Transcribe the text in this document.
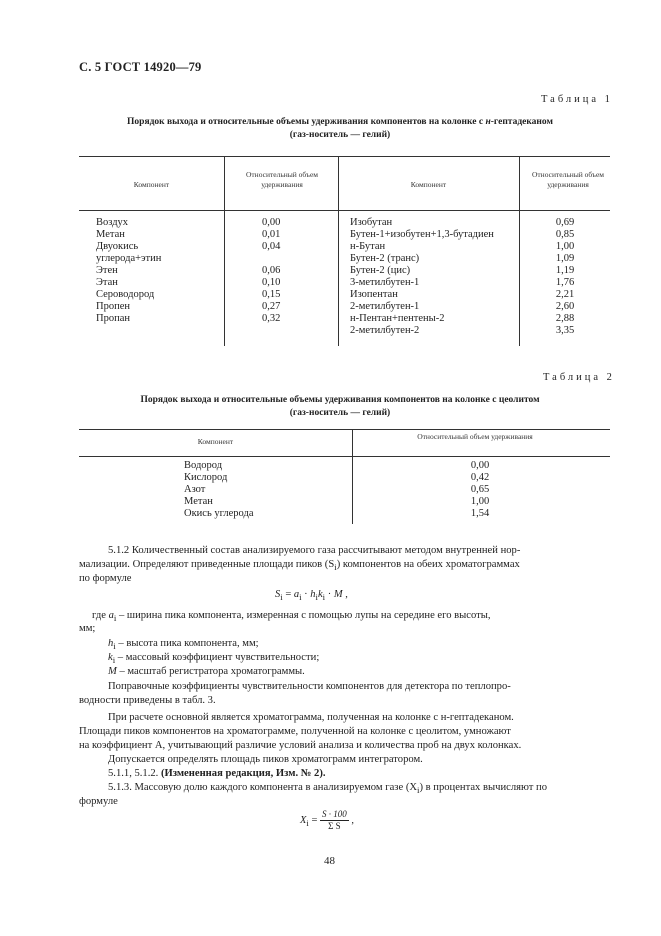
С. 5 ГОСТ 14920—79
Таблица 1
Порядок выхода и относительные объемы удерживания компонентов на колонке с н-гептадеканом
(газ-носитель — гелий)
Компонент
Относительный объем удерживания	Компонент
Относительный объем удерживания
Воздух
Метан
Двуокись
углерода+этин
Этен
Этан
Сероводород
Пропен
Пропан
0,00
0,01
0,04
0,06
0,10
0,15
0,27
0,32
Изобутан
Бутен-1+изобутен+1,3-бутадиен
н-Бутан
Бутен-2 (транс)
Бутен-2 (цис)
3-метилбутен-1
Изопентан
2-метилбутен-1
н-Пентан+пентены-2
2-метилбутен-2
0,69
0,85
1,00
1,09
1,19
1,76
2,21
2,60
2,88
3,35
Таблица 2
Порядок выхода и относительные объемы удерживания компонентов на колонке с цеолитом
(газ-носитель — гелий)
Компонент
Относительный объем удерживания
Водород
Кислород
Азот
Метан
Окись углерода
0,00
0,42
0,65
1,00
1,54
5.1.2 Количественный состав анализируемого газа рассчитывают методом внутренней нор-
мализации. Определяют приведенные площади пиков $(S_i)$ компонентов на обеих хроматограммах
по формуле
$S_i = a_i \cdot h_ik_i \cdot M$ ,
где $a_i$ – ширина пика компонента, измеренная с помощью лупы на середине его высоты,
мм;
$h_i$ – высота пика компонента, мм;
$k_i$ – массовый коэффициент чувствительности;
M – масштаб регистратора хроматограммы.
Поправочные коэффициенты чувствительности компонентов для детектора по теплопро-
водности приведены в табл. 3.
При расчете основной является хроматограмма, полученная на колонке с н-гептадеканом.
Площади пиков компонентов на хроматограмме, полученной на колонке с цеолитом, умножают
на коэффициент А, учитывающий различие условий анализа и количества проб на двух колонках.
Допускается определять площадь пиков хроматограмм интегратором.
5.1.1, 5.1.2. (Измененная редакция, Изм. № 2).
5.1.3. Массовую долю каждого компонента в анализируемом газе $(X_i)$ в процентах вычисляют по
формуле
$X_i = \frac{S \cdot 100}{\text{Σ S}}$ ,
48
